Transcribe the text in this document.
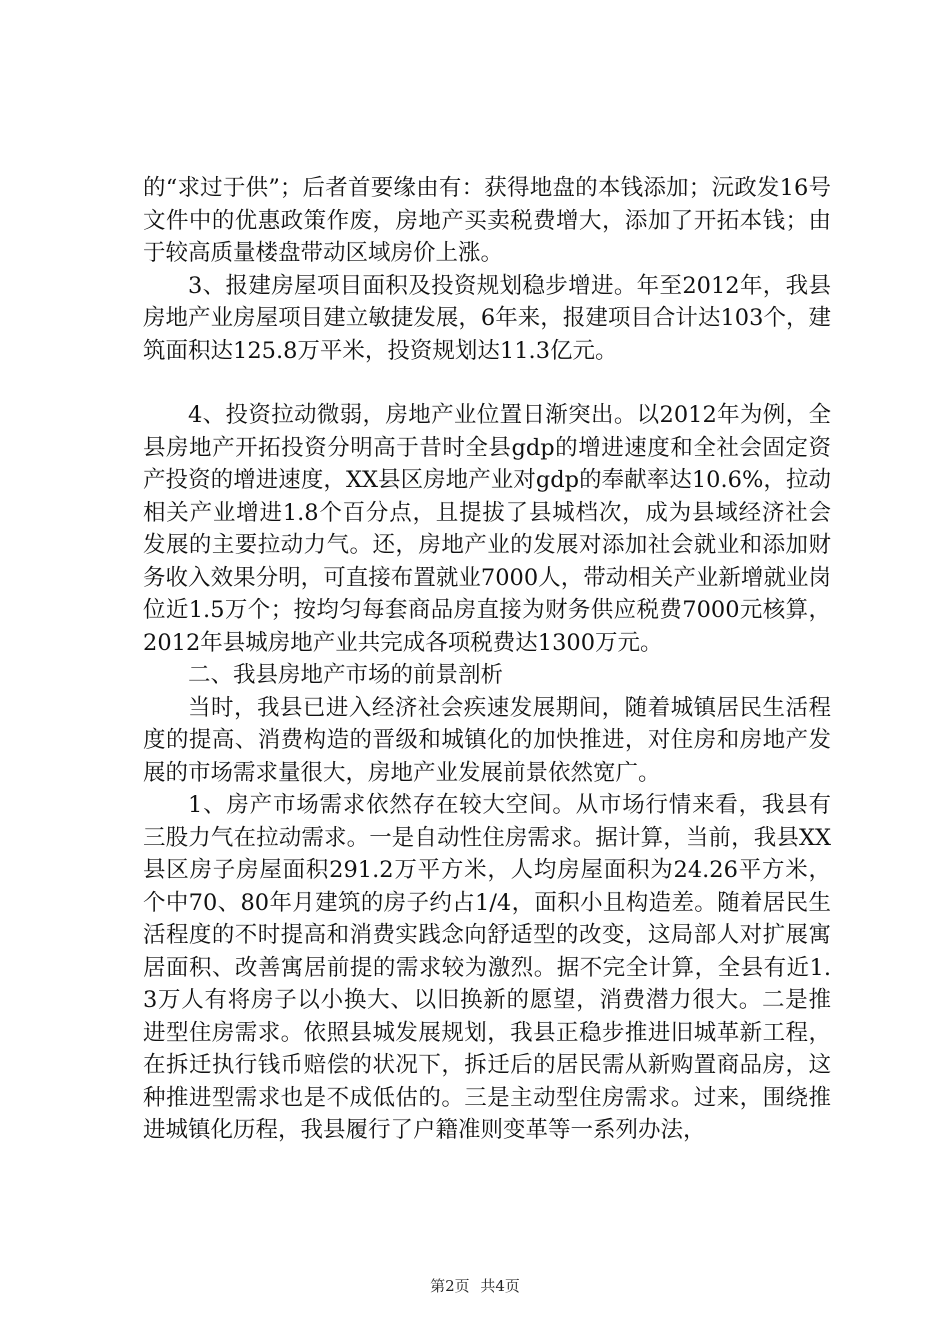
的“求过于供”；后者首要缘由有：获得地盘的本钱添加；沅政发16号文件中的优惠政策作废，房地产买卖税费增大，添加了开拓本钱；由于较高质量楼盘带动区域房价上涨。

3、报建房屋项目面积及投资规划稳步增进。年至2012年，我县房地产业房屋项目建立敏捷发展，6年来，报建项目合计达103个，建筑面积达125.8万平米，投资规划达11.3亿元。

4、投资拉动微弱，房地产业位置日渐突出。以2012年为例，全县房地产开拓投资分明高于昔时全县gdp的增进速度和全社会固定资产投资的增进速度，XX县区房地产业对gdp的奉献率达10.6%，拉动相关产业增进1.8个百分点，且提拔了县城档次，成为县域经济社会发展的主要拉动力气。还，房地产业的发展对添加社会就业和添加财务收入效果分明，可直接布置就业7000人，带动相关产业新增就业岗位近1.5万个；按均匀每套商品房直接为财务供应税费7000元核算，2012年县城房地产业共完成各项税费达1300万元。

二、我县房地产市场的前景剖析

当时，我县已进入经济社会疾速发展期间，随着城镇居民生活程度的提高、消费构造的晋级和城镇化的加快推进，对住房和房地产发展的市场需求量很大，房地产业发展前景依然宽广。

1、房产市场需求依然存在较大空间。从市场行情来看，我县有三股力气在拉动需求。一是自动性住房需求。据计算，当前，我县XX县区房子房屋面积291.2万平方米，人均房屋面积为24.26平方米，个中70、80年月建筑的房子约占1/4，面积小且构造差。随着居民生活程度的不时提高和消费实践念向舒适型的改变，这局部人对扩展寓居面积、改善寓居前提的需求较为激烈。据不完全计算，全县有近1.3万人有将房子以小换大、以旧换新的愿望，消费潜力很大。二是推进型住房需求。依照县城发展规划，我县正稳步推进旧城革新工程，在拆迁执行钱币赔偿的状况下，拆迁后的居民需从新购置商品房，这种推进型需求也是不成低估的。三是主动型住房需求。过来，围绕推进城镇化历程，我县履行了户籍准则变革等一系列办法，

第2页 共4页
